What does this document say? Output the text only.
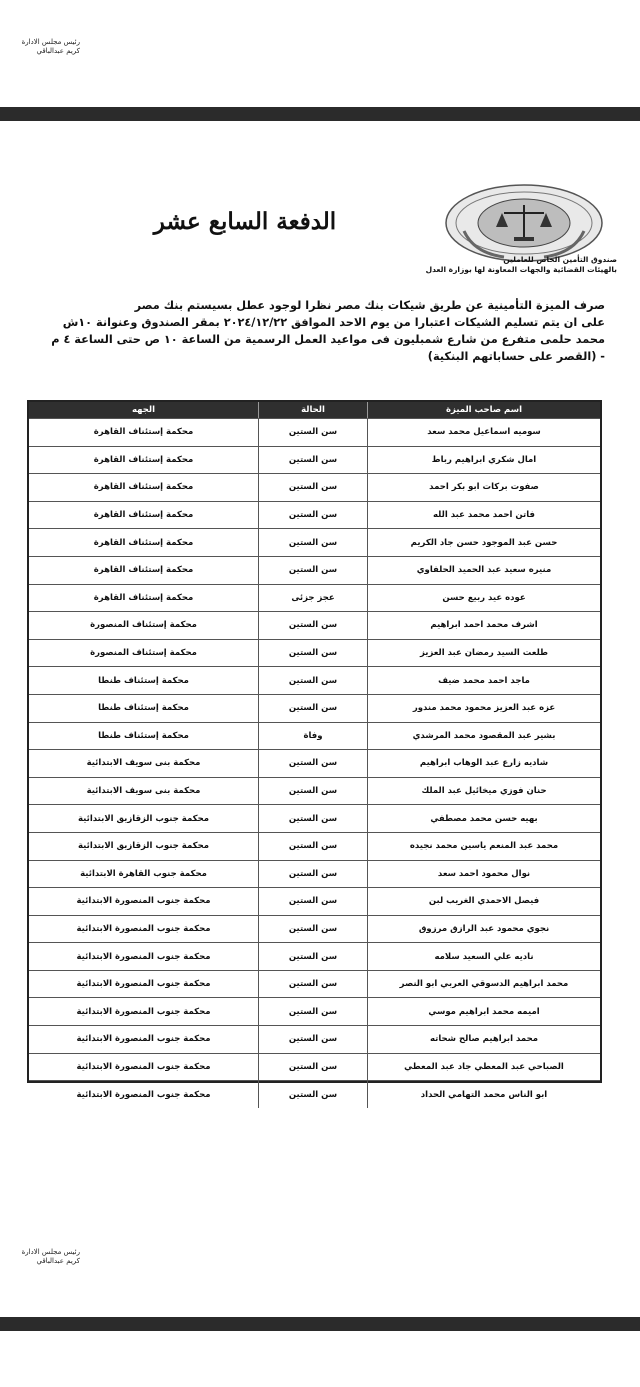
رئيس مجلس الادارة
كريم عبدالباقي
صندوق التأمين الخاص للعاملين
بالهيئات القضائية والجهات المعاونة لها بوزارة العدل
الدفعة السابع عشر
صرف الميزة التأمينية عن طريق شيكات بنك مصر نظرا لوجود عطل بسيستم بنك مصر
على ان يتم تسليم الشيكات اعتبارا من يوم الاحد الموافق ٢٠٢٤/١٢/٢٢ بمقر الصندوق وعنوانة ١٠ش
محمد حلمى متفرع من شارع شمبليون فى مواعيد العمل الرسمية من الساعة ١٠ ص حتى الساعة ٤ م
- (القصر على حساباتهم البنكية)
اسم صاحب الميزة
الحالة
الجهه
سوميه اسماعيل محمد سعد
سن الستين
محكمة إستئناف القاهرة
امال شكري ابراهيم رباط
سن الستين
محكمة إستئناف القاهرة
صفوت بركات ابو بكر احمد
سن الستين
محكمة إستئناف القاهرة
فاتن احمد محمد عبد الله
سن الستين
محكمة إستئناف القاهرة
حسن عبد الموجود حسن جاد الكريم
سن الستين
محكمة إستئناف القاهرة
منيره سعيد عبد الحميد الحلفاوي
سن الستين
محكمة إستئناف القاهرة
عوده عيد ربيع حسن
عجز جزئى
محكمة إستئناف القاهرة
اشرف محمد احمد ابراهيم
سن الستين
محكمة إستئناف المنصورة
طلعت السيد رمضان عبد العزيز
سن الستين
محكمة إستئناف المنصورة
ماجد احمد محمد ضيف
سن الستين
محكمة إستئناف طنطا
عزه عبد العزيز محمود محمد مندور
سن الستين
محكمة إستئناف طنطا
بشير عبد المقصود محمد المرشدي
وفاة
محكمة إستئناف طنطا
شاديه زارع عبد الوهاب ابراهيم
سن الستين
محكمة بنى سويف الابتدائية
حنان فوزي ميخائيل عبد الملك
سن الستين
محكمة بنى سويف الابتدائية
بهيه حسن محمد مصطفي
سن الستين
محكمة جنوب الزقازيق الابتدائية
محمد عبد المنعم ياسين محمد نجيده
سن الستين
محكمة جنوب الزقازيق الابتدائية
نوال محمود احمد سعد
سن الستين
محكمة جنوب القاهرة الابتدائية
فيصل الاحمدي الغريب لبن
سن الستين
محكمة جنوب المنصورة الابتدائية
نجوي محمود عبد الرازق مرزوق
سن الستين
محكمة جنوب المنصورة الابتدائية
ناديه علي السعيد سلامه
سن الستين
محكمة جنوب المنصورة الابتدائية
محمد ابراهيم الدسوقي العربي ابو النصر
سن الستين
محكمة جنوب المنصورة الابتدائية
اميمه محمد ابراهيم موسي
سن الستين
محكمة جنوب المنصورة الابتدائية
محمد ابراهيم صالح شحاته
سن الستين
محكمة جنوب المنصورة الابتدائية
الصباحي عبد المعطي جاد عبد المعطي
سن الستين
محكمة جنوب المنصورة الابتدائية
ابو الناس محمد التهامي الحداد
سن الستين
محكمة جنوب المنصورة الابتدائية
رئيس مجلس الادارة
كريم عبدالباقي
